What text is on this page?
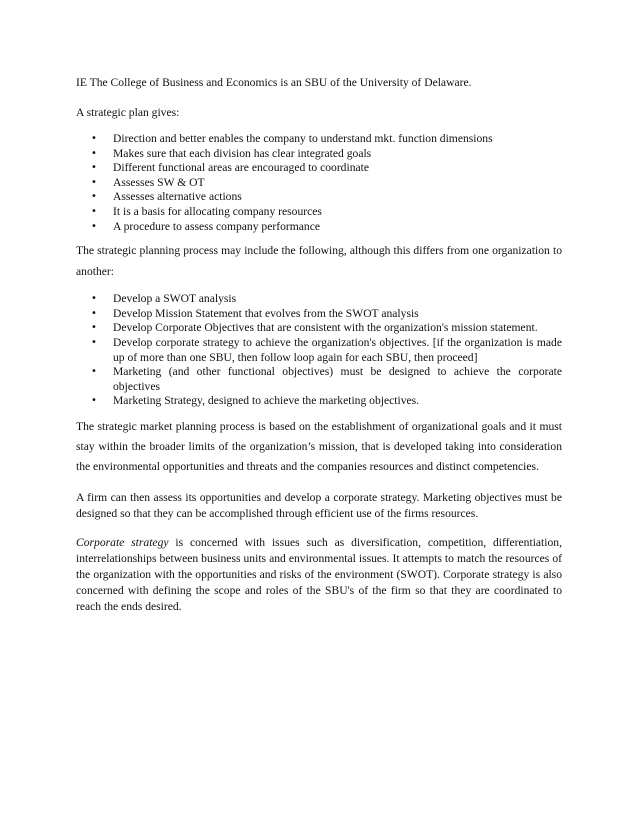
IE The College of Business and Economics is an SBU of the University of Delaware.

A strategic plan gives:

• Direction and better enables the company to understand mkt. function dimensions
• Makes sure that each division has clear integrated goals
• Different functional areas are encouraged to coordinate
• Assesses SW & OT
• Assesses alternative actions
• It is a basis for allocating company resources
• A procedure to assess company performance

The strategic planning process may include the following, although this differs from one organization to another:

• Develop a SWOT analysis
• Develop Mission Statement that evolves from the SWOT analysis
• Develop Corporate Objectives that are consistent with the organization's mission statement.
• Develop corporate strategy to achieve the organization's objectives. [if the organization is made up of more than one SBU, then follow loop again for each SBU, then proceed]
• Marketing (and other functional objectives) must be designed to achieve the corporate objectives
• Marketing Strategy, designed to achieve the marketing objectives.

The strategic market planning process is based on the establishment of organizational goals and it must stay within the broader limits of the organization’s mission, that is developed taking into consideration the environmental opportunities and threats and the companies resources and distinct competencies.

A firm can then assess its opportunities and develop a corporate strategy. Marketing objectives must be designed so that they can be accomplished through efficient use of the firms resources.

Corporate strategy is concerned with issues such as diversification, competition, differentiation, interrelationships between business units and environmental issues. It attempts to match the resources of the organization with the opportunities and risks of the environment (SWOT). Corporate strategy is also concerned with defining the scope and roles of the SBU's of the firm so that they are coordinated to reach the ends desired.
